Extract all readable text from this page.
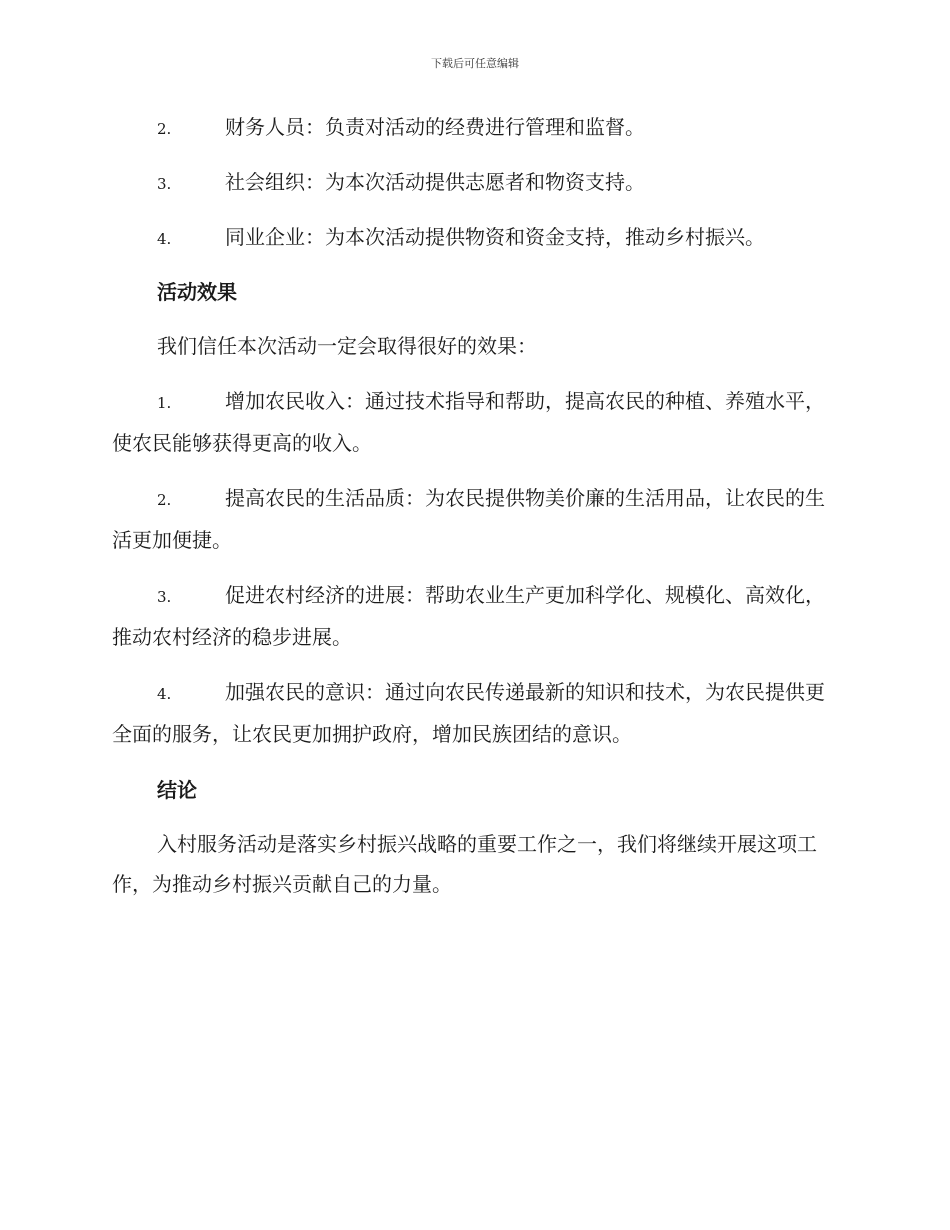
下载后可任意编辑
2.	财务人员：负责对活动的经费进行管理和监督。
3.	社会组织：为本次活动提供志愿者和物资支持。
4.	同业企业：为本次活动提供物资和资金支持，推动乡村振兴。
活动效果
我们信任本次活动一定会取得很好的效果：
1.	增加农民收入：通过技术指导和帮助，提高农民的种植、养殖水平，使农民能够获得更高的收入。
2.	提高农民的生活品质：为农民提供物美价廉的生活用品，让农民的生活更加便捷。
3.	促进农村经济的进展：帮助农业生产更加科学化、规模化、高效化，推动农村经济的稳步进展。
4.	加强农民的意识：通过向农民传递最新的知识和技术，为农民提供更全面的服务，让农民更加拥护政府，增加民族团结的意识。
结论
入村服务活动是落实乡村振兴战略的重要工作之一，我们将继续开展这项工作，为推动乡村振兴贡献自己的力量。
